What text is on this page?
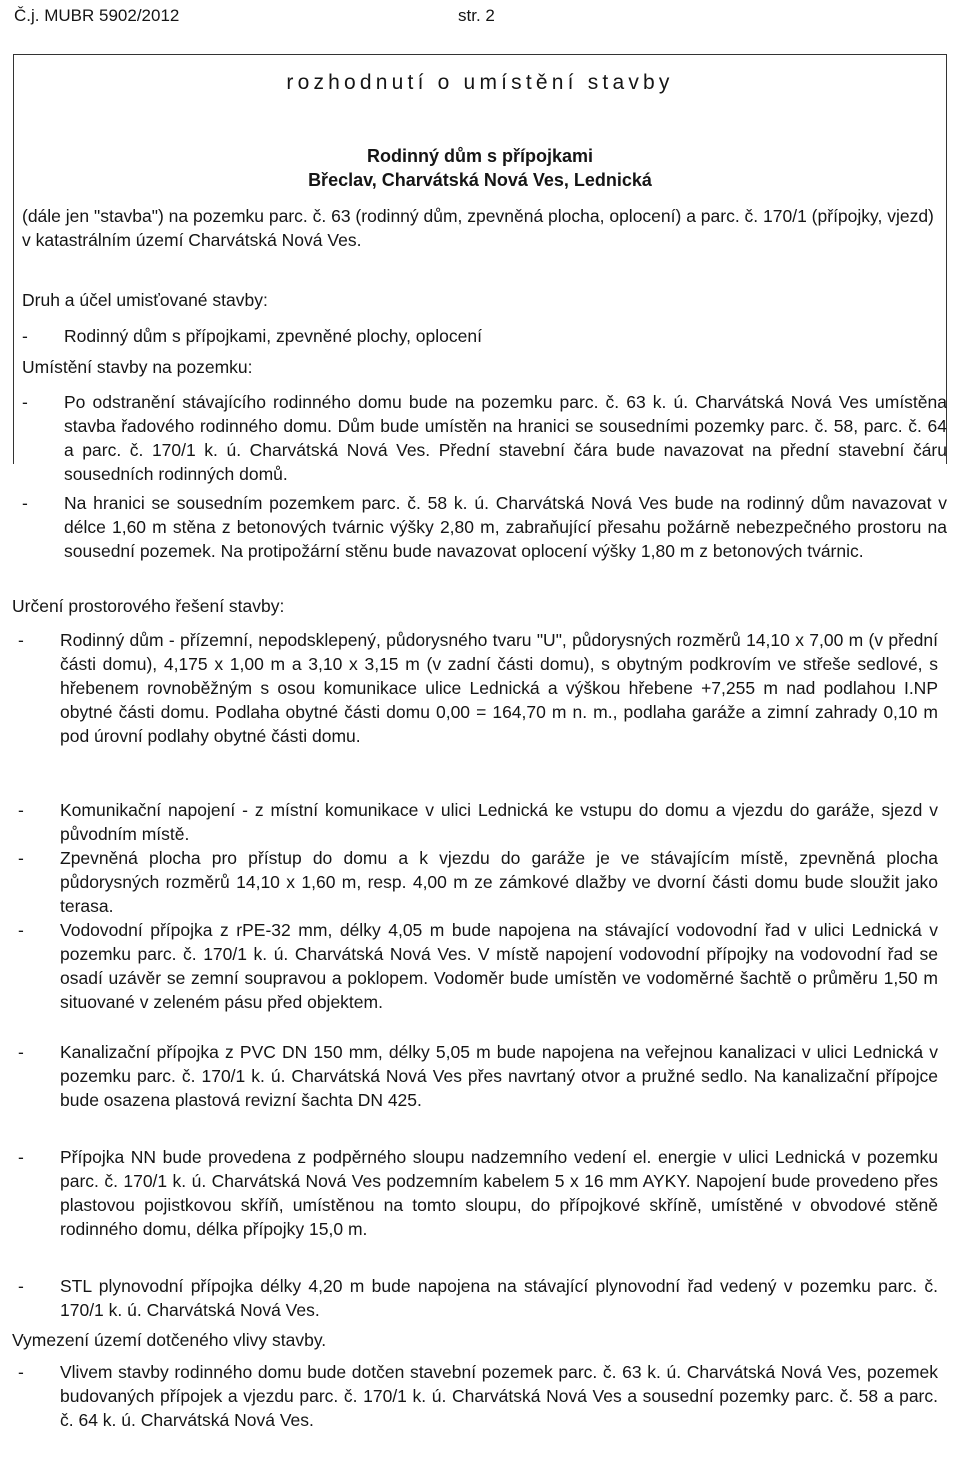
Č.j. MUBR 5902/2012	str. 2
rozhodnutí o umístění stavby
Rodinný dům s přípojkami
Břeclav, Charvátská Nová Ves, Lednická

(dále jen "stavba") na pozemku parc. č. 63 (rodinný dům, zpevněná plocha, oplocení) a parc. č. 170/1 (přípojky, vjezd) v katastrálním území Charvátská Nová Ves.

Druh a účel umisťované stavby:

- Rodinný dům s přípojkami, zpevněné plochy, oplocení

Umístění stavby na pozemku:

- Po odstranění stávajícího rodinného domu bude na pozemku parc. č. 63 k. ú. Charvátská Nová Ves umístěna stavba řadového rodinného domu. Dům bude umístěn na hranici se sousedními pozemky parc. č. 58, parc. č. 64 a parc. č. 170/1 k. ú. Charvátská Nová Ves. Přední stavební čára bude navazovat na přední stavební čáru sousedních rodinných domů.
- Na hranici se sousedním pozemkem parc. č. 58 k. ú. Charvátská Nová Ves bude na rodinný dům navazovat v délce 1,60 m stěna z betonových tvárnic výšky 2,80 m, zabraňující přesahu požárně nebezpečného prostoru na sousední pozemek. Na protipožární stěnu bude navazovat oplocení výšky 1,80 m z betonových tvárnic.

Určení prostorového řešení stavby:

- Rodinný dům - přízemní, nepodsklepený, půdorysného tvaru "U", půdorysných rozměrů 14,10 x 7,00 m (v přední části domu), 4,175 x 1,00 m a 3,10 x 3,15 m (v zadní části domu), s obytným podkrovím ve střeše sedlové, s hřebenem rovnoběžným s osou komunikace ulice Lednická a výškou hřebene +7,255 m nad podlahou I.NP obytné části domu. Podlaha obytné části domu 0,00 = 164,70 m n. m., podlaha garáže a zimní zahrady 0,10 m pod úrovní podlahy obytné části domu.
- Komunikační napojení - z místní komunikace v ulici Lednická ke vstupu do domu a vjezdu do garáže, sjezd v původním místě.
- Zpevněná plocha pro přístup do domu a k vjezdu do garáže je ve stávajícím místě, zpevněná plocha půdorysných rozměrů 14,10 x 1,60 m, resp. 4,00 m ze zámkové dlažby ve dvorní části domu bude sloužit jako terasa.
- Vodovodní přípojka z rPE-32 mm, délky 4,05 m bude napojena na stávající vodovodní řad v ulici Lednická v pozemku parc. č. 170/1 k. ú. Charvátská Nová Ves. V místě napojení vodovodní přípojky na vodovodní řad se osadí uzávěr se zemní soupravou a poklopem. Vodoměr bude umístěn ve vodoměrné šachtě o průměru 1,50 m situované v zeleném pásu před objektem.
- Kanalizační přípojka z PVC DN 150 mm, délky 5,05 m bude napojena na veřejnou kanalizaci v ulici Lednická v pozemku parc. č. 170/1 k. ú. Charvátská Nová Ves přes navrtaný otvor a pružné sedlo. Na kanalizační přípojce bude osazena plastová revizní šachta DN 425.
- Přípojka NN bude provedena z podpěrného sloupu nadzemního vedení el. energie v ulici Lednická v pozemku parc. č. 170/1 k. ú. Charvátská Nová Ves podzemním kabelem 5 x 16 mm AYKY. Napojení bude provedeno přes plastovou pojistkovou skříň, umístěnou na tomto sloupu, do přípojkové skříně, umístěné v obvodové stěně rodinného domu, délka přípojky 15,0 m.
- STL plynovodní přípojka délky 4,20 m bude napojena na stávající plynovodní řad vedený v pozemku parc. č. 170/1 k. ú. Charvátská Nová Ves.

Vymezení území dotčeného vlivy stavby.

- Vlivem stavby rodinného domu bude dotčen stavební pozemek parc. č. 63 k. ú. Charvátská Nová Ves, pozemek budovaných přípojek a vjezdu parc. č. 170/1 k. ú. Charvátská Nová Ves a sousední pozemky parc. č. 58 a parc. č. 64 k. ú. Charvátská Nová Ves.
